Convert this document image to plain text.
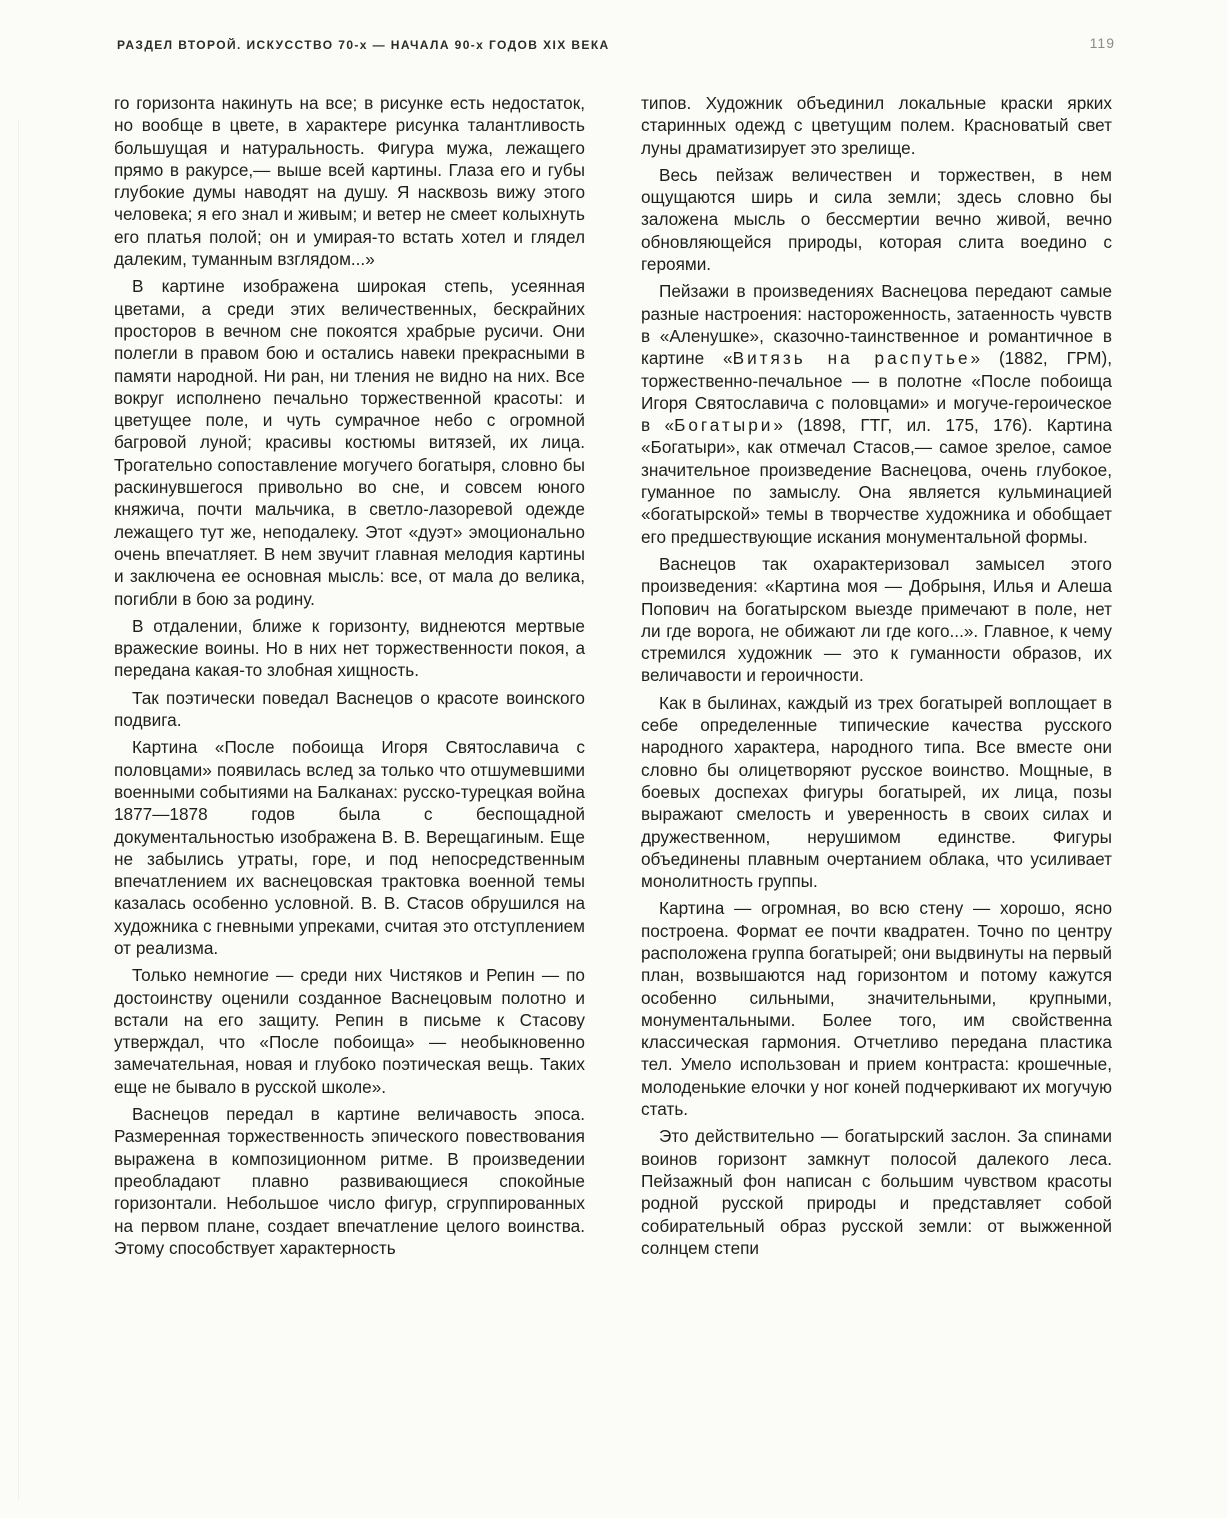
РАЗДЕЛ ВТОРОЙ. ИСКУССТВО 70-х — НАЧАЛА 90-х ГОДОВ XIX ВЕКА	119

го горизонта накинуть на все; в рисунке есть недостаток, но вообще в цвете, в характере рисунка талантливость большущая и натуральность. Фигура мужа, лежащего прямо в ракурсе,— выше всей картины. Глаза его и губы глубокие думы наводят на душу. Я насквозь вижу этого человека; я его знал и живым; и ветер не смеет колыхнуть его платья полой; он и умирая-то встать хотел и глядел далеким, туманным взглядом...»

В картине изображена широкая степь, усеянная цветами, а среди этих величественных, бескрайних просторов в вечном сне покоятся храбрые русичи. Они полегли в правом бою и остались навеки прекрасными в памяти народной. Ни ран, ни тления не видно на них. Все вокруг исполнено печально торжественной красоты: и цветущее поле, и чуть сумрачное небо с огромной багровой луной; красивы костюмы витязей, их лица. Трогательно сопоставление могучего богатыря, словно бы раскинувшегося привольно во сне, и совсем юного княжича, почти мальчика, в светло-лазоревой одежде лежащего тут же, неподалеку. Этот «дуэт» эмоционально очень впечатляет. В нем звучит главная мелодия картины и заключена ее основная мысль: все, от мала до велика, погибли в бою за родину.

В отдалении, ближе к горизонту, виднеются мертвые вражеские воины. Но в них нет торжественности покоя, а передана какая-то злобная хищность.

Так поэтически поведал Васнецов о красоте воинского подвига.

Картина «После побоища Игоря Святославича с половцами» появилась вслед за только что отшумевшими военными событиями на Балканах: русско-турецкая война 1877—1878 годов была с беспощадной документальностью изображена В. В. Верещагиным. Еще не забылись утраты, горе, и под непосредственным впечатлением их васнецовская трактовка военной темы казалась особенно условной. В. В. Стасов обрушился на художника с гневными упреками, считая это отступлением от реализма.

Только немногие — среди них Чистяков и Репин — по достоинству оценили созданное Васнецовым полотно и встали на его защиту. Репин в письме к Стасову утверждал, что «После побоища» — необыкновенно замечательная, новая и глубоко поэтическая вещь. Таких еще не бывало в русской школе».

Васнецов передал в картине величавость эпоса. Размеренная торжественность эпического повествования выражена в композиционном ритме. В произведении преобладают плавно развивающиеся спокойные горизонтали. Небольшое число фигур, сгруппированных на первом плане, создает впечатление целого воинства. Этому способствует характерность

типов. Художник объединил локальные краски ярких старинных одежд с цветущим полем. Красноватый свет луны драматизирует это зрелище.

Весь пейзаж величествен и торжествен, в нем ощущаются ширь и сила земли; здесь словно бы заложена мысль о бессмертии вечно живой, вечно обновляющейся природы, которая слита воедино с героями.

Пейзажи в произведениях Васнецова передают самые разные настроения: настороженность, затаенность чувств в «Аленушке», сказочно-таинственное и романтичное в картине «Витязь на распутье» (1882, ГРМ), торжественно-печальное — в полотне «После побоища Игоря Святославича с половцами» и могуче-героическое в «Богатыри» (1898, ГТГ, ил. 175, 176). Картина «Богатыри», как отмечал Стасов,— самое зрелое, самое значительное произведение Васнецова, очень глубокое, гуманное по замыслу. Она является кульминацией «богатырской» темы в творчестве художника и обобщает его предшествующие искания монументальной формы.

Васнецов так охарактеризовал замысел этого произведения: «Картина моя — Добрыня, Илья и Алеша Попович на богатырском выезде примечают в поле, нет ли где ворога, не обижают ли где кого...». Главное, к чему стремился художник — это к гуманности образов, их величавости и героичности.

Как в былинах, каждый из трех богатырей воплощает в себе определенные типические качества русского народного характера, народного типа. Все вместе они словно бы олицетворяют русское воинство. Мощные, в боевых доспехах фигуры богатырей, их лица, позы выражают смелость и уверенность в своих силах и дружественном, нерушимом единстве. Фигуры объединены плавным очертанием облака, что усиливает монолитность группы.

Картина — огромная, во всю стену — хорошо, ясно построена. Формат ее почти квадратен. Точно по центру расположена группа богатырей; они выдвинуты на первый план, возвышаются над горизонтом и потому кажутся особенно сильными, значительными, крупными, монументальными. Более того, им свойственна классическая гармония. Отчетливо передана пластика тел. Умело использован и прием контраста: крошечные, молоденькие елочки у ног коней подчеркивают их могучую стать.

Это действительно — богатырский заслон. За спинами воинов горизонт замкнут полосой далекого леса. Пейзажный фон написан с большим чувством красоты родной русской природы и представляет собой собирательный образ русской земли: от выжженной солнцем степи
